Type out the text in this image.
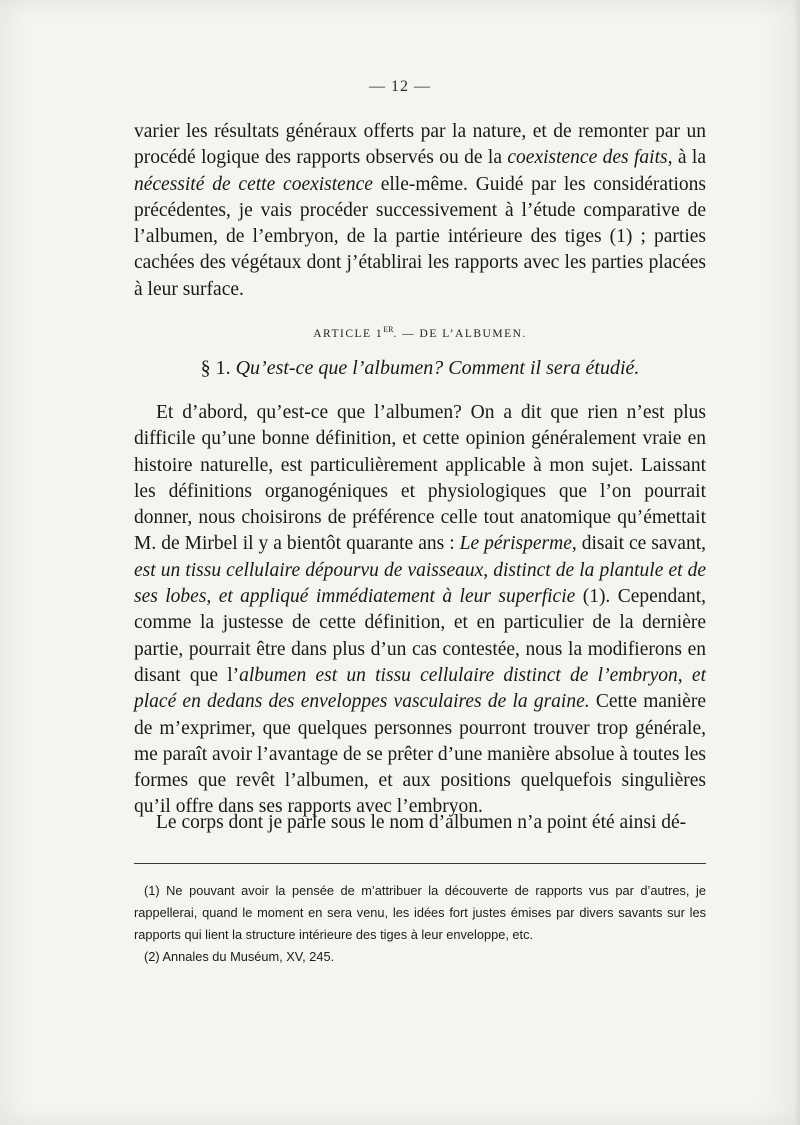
— 12 —

varier les résultats généraux offerts par la nature, et de remonter par un procédé logique des rapports observés ou de la coexistence des faits, à la nécessité de cette coexistence elle-même. Guidé par les considérations précédentes, je vais procéder successivement à l’étude comparative de l’albumen, de l’embryon, de la partie intérieure des tiges (1) ; parties cachées des végétaux dont j’établirai les rapports avec les parties placées à leur surface.

ARTICLE 1ER. — DE L’ALBUMEN.
§ 1. Qu’est-ce que l’albumen? Comment il sera étudié.

Et d’abord, qu’est-ce que l’albumen? On a dit que rien n’est plus difficile qu’une bonne définition, et cette opinion généralement vraie en histoire naturelle, est particulièrement applicable à mon sujet. Laissant les définitions organogéniques et physiologiques que l’on pourrait donner, nous choisirons de préférence celle tout anatomique qu’émettait M. de Mirbel il y a bientôt quarante ans : Le périsperme, disait ce savant, est un tissu cellulaire dépourvu de vaisseaux, distinct de la plantule et de ses lobes, et appliqué immédiatement à leur superficie (1). Cependant, comme la justesse de cette définition, et en particulier de la dernière partie, pourrait être dans plus d’un cas contestée, nous la modifierons en disant que l’albumen est un tissu cellulaire distinct de l’embryon, et placé en dedans des enveloppes vasculaires de la graine. Cette manière de m’exprimer, que quelques personnes pourront trouver trop générale, me paraît avoir l’avantage de se prêter d’une manière absolue à toutes les formes que revêt l’albumen, et aux positions quelquefois singulières qu’il offre dans ses rapports avec l’embryon.

Le corps dont je parle sous le nom d’albumen n’a point été ainsi dé-

(1) Ne pouvant avoir la pensée de m’attribuer la découverte de rapports vus par d’autres, je rappellerai, quand le moment en sera venu, les idées fort justes émises par divers savants sur les rapports qui lient la structure intérieure des tiges à leur enveloppe, etc.

(2) Annales du Muséum, XV, 245.
